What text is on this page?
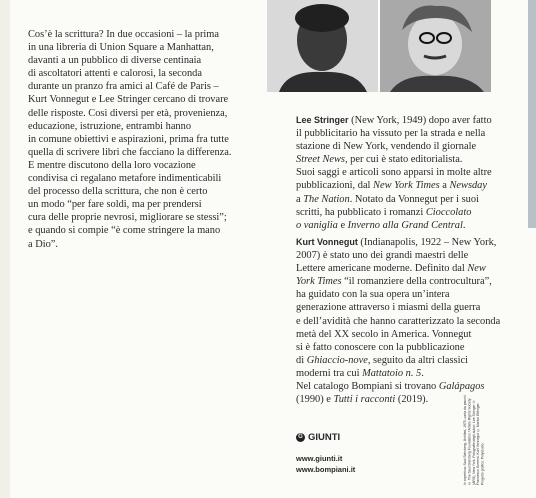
Cos’è la scrittura? In due occasioni – la prima
in una libreria di Union Square a Manhattan,
davanti a un pubblico di diverse centinaia
di ascoltatori attenti e calorosi, la seconda
durante un pranzo fra amici al Café de Paris –
Kurt Vonnegut e Lee Stringer cercano di trovare
delle risposte. Così diversi per età, provenienza,
educazione, istruzione, entrambi hanno
in comune obiettivi e aspirazioni, prima fra tutte
quella di scrivere libri che facciano la differenza.
E mentre discutono della loro vocazione
condivisa ci regalano metafore indimenticabili
del processo della scrittura, che non è certo
un modo “per fare soldi, ma per prendersi
cura delle proprie nevrosi, migliorare se stessi”;
e quando si compie “è come stringere la mano
a Dio”.

Lee Stringer (New York, 1949) dopo aver fatto
il pubblicitario ha vissuto per la strada e nella
stazione di New York, vendendo il giornale
Street News, per cui è stato editorialista.
Suoi saggi e articoli sono apparsi in molte altre
pubblicazioni, dal New York Times a Newsday
a The Nation. Notato da Vonnegut per i suoi
scritti, ha pubblicato i romanzi Cioccolato
o vaniglia e Inverno alla Grand Central.

Kurt Vonnegut (Indianapolis, 1922 – New York,
2007) è stato uno dei grandi maestri delle
Lettere americane moderne. Definito dal New
York Times “il romanziere della controcultura”,
ha guidato con la sua opera un’intera
generazione attraverso i miasmi della guerra
e dell’avidità che hanno caratterizzato la seconda
metà del XX secolo in America. Vonnegut
si è fatto conoscere con la pubblicazione
di Ghiaccio-nove, seguito da altri classici
moderni tra cui Mattatoio n. 5.
Nel catalogo Bompiani si trovano Galápagos
(1990) e Tutti i racconti (2019).

G GIUNTI
www.giunti.it
www.bompiani.it	In copertina: Saul Steinberg, Untitled, 1975, carta da pacchi. © The Saul Steinberg Foundation / Artists Rights Society (ARS), New York. Fotografie degli autori: Lee Stringer © Francesco Sorrenti. Kurt Vonnegut © Marion Ettlinger. Progetto grafico: Polystudio.
